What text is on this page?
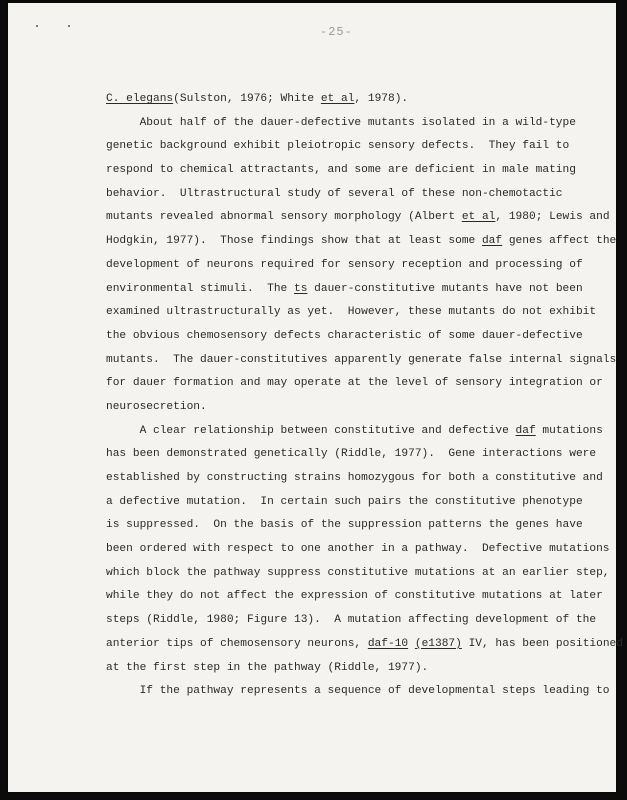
-25-
C. elegans(Sulston, 1976; White et al, 1978).
About half of the dauer-defective mutants isolated in a wild-type
genetic background exhibit pleiotropic sensory defects.  They fail to
respond to chemical attractants, and some are deficient in male mating
behavior.  Ultrastructural study of several of these non-chemotactic
mutants revealed abnormal sensory morphology (Albert et al, 1980; Lewis and
Hodgkin, 1977).  Those findings show that at least some daf genes affect the
development of neurons required for sensory reception and processing of
environmental stimuli.  The ts dauer-constitutive mutants have not been
examined ultrastructurally as yet.  However, these mutants do not exhibit
the obvious chemosensory defects characteristic of some dauer-defective
mutants.  The dauer-constitutives apparently generate false internal signals
for dauer formation and may operate at the level of sensory integration or
neurosecretion.
A clear relationship between constitutive and defective daf mutations
has been demonstrated genetically (Riddle, 1977).  Gene interactions were
established by constructing strains homozygous for both a constitutive and
a defective mutation.  In certain such pairs the constitutive phenotype
is suppressed.  On the basis of the suppression patterns the genes have
been ordered with respect to one another in a pathway.  Defective mutations
which block the pathway suppress constitutive mutations at an earlier step,
while they do not affect the expression of constitutive mutations at later
steps (Riddle, 1980; Figure 13).  A mutation affecting development of the
anterior tips of chemosensory neurons, daf-10 (e1387) IV, has been positioned
at the first step in the pathway (Riddle, 1977).
If the pathway represents a sequence of developmental steps leading to
